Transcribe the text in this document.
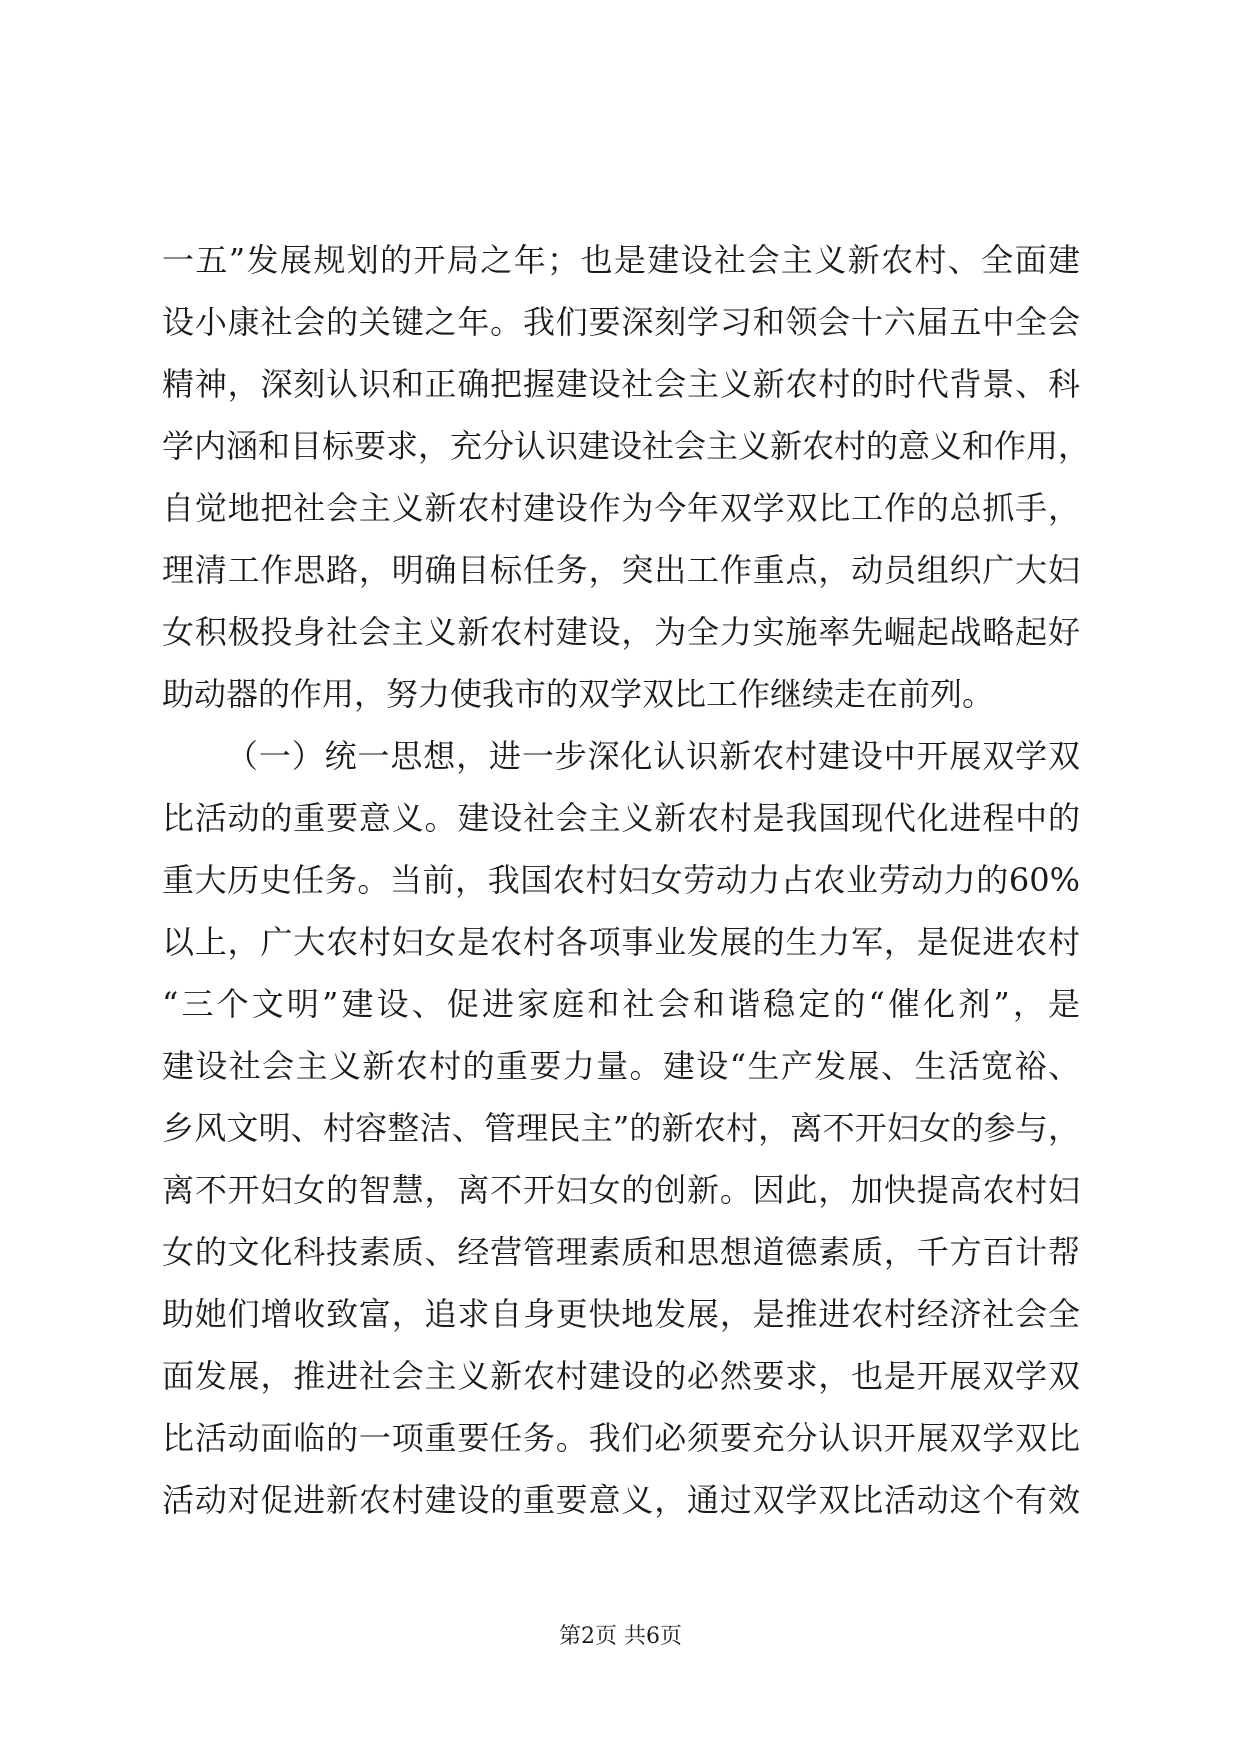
一五”发展规划的开局之年；也是建设社会主义新农村、全面建
设小康社会的关键之年。我们要深刻学习和领会十六届五中全会
精神，深刻认识和正确把握建设社会主义新农村的时代背景、科
学内涵和目标要求，充分认识建设社会主义新农村的意义和作用，
自觉地把社会主义新农村建设作为今年双学双比工作的总抓手，
理清工作思路，明确目标任务，突出工作重点，动员组织广大妇
女积极投身社会主义新农村建设，为全力实施率先崛起战略起好
助动器的作用，努力使我市的双学双比工作继续走在前列。
（一）统一思想，进一步深化认识新农村建设中开展双学双
比活动的重要意义。建设社会主义新农村是我国现代化进程中的
重大历史任务。当前，我国农村妇女劳动力占农业劳动力的60%
以上，广大农村妇女是农村各项事业发展的生力军，是促进农村
“三个文明”建设、促进家庭和社会和谐稳定的“催化剂”，是
建设社会主义新农村的重要力量。建设“生产发展、生活宽裕、
乡风文明、村容整洁、管理民主”的新农村，离不开妇女的参与，
离不开妇女的智慧，离不开妇女的创新。因此，加快提高农村妇
女的文化科技素质、经营管理素质和思想道德素质，千方百计帮
助她们增收致富，追求自身更快地发展，是推进农村经济社会全
面发展，推进社会主义新农村建设的必然要求，也是开展双学双
比活动面临的一项重要任务。我们必须要充分认识开展双学双比
活动对促进新农村建设的重要意义，通过双学双比活动这个有效
第2页 共6页
